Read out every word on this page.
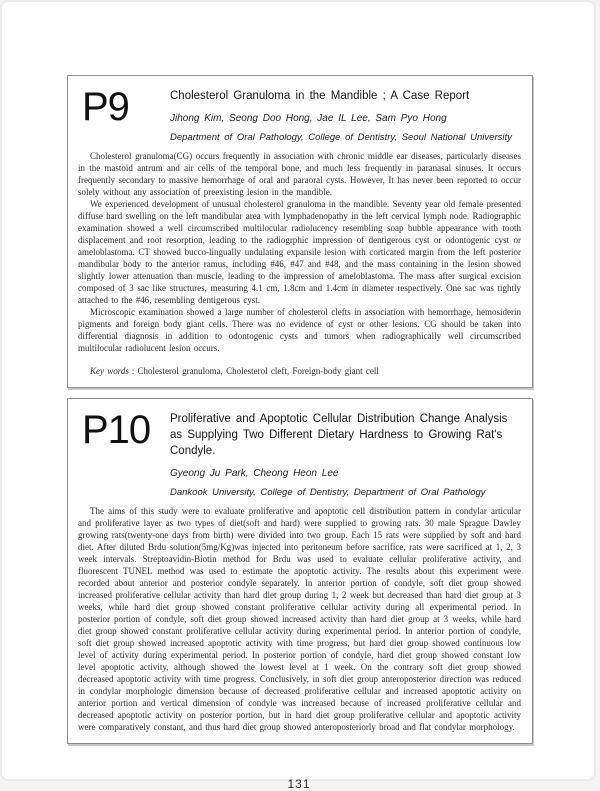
P9	Cholesterol Granuloma in the Mandible ; A Case Report
Jihong Kim, Seong Doo Hong, Jae IL Lee, Sam Pyo Hong
Department of Oral Pathology, College of Dentistry, Seoul National University

Cholesterol granuloma(CG) occurs frequently in association with chronic middle ear diseases, particularly diseases in the mastoid antrum and air cells of the temporal bone, and much less frequently in paranasal sinuses. It occurs frequently secondary to massive hemorrhage of oral and paraoral cysts. However, It has never been reported to occur solely without any association of preexisting lesion in the mandible.

We experienced development of unusual cholesterol granuloma in the mandible. Seventy year old female presented diffuse hard swelling on the left mandibular area with lymphadenopathy in the left cervical lymph node. Radiographic examination showed a well circumscribed multilocular radiolucency resembling soap bubble appearance with tooth displacement and root resorption, leading to the radiogrphic impression of dentigerous cyst or odontogenic cyst or ameloblastoma. CT showed bucco-lingually undulating expansile lesion with corticated margin from the left posterior mandibular body to the anterior ramus, including #46, #47 and #48, and the mass containing in the lesion showed slightly lower attenuation than muscle, leading to the impression of ameloblastoma. The mass after surgical excision composed of 3 sac like structures, measuring 4.1 cm, 1.8cm and 1.4cm in diameter respectively. One sac was tightly attached to the #46, resembling dentigerous cyst.

Microscopic examination showed a large number of cholesterol clefts in association with hemorrhage, hemosiderin pigments and foreign body giant cells. There was no evidence of cyst or other lesions. CG should be taken into differential diagnosis in addition to odontogenic cysts and tumors when radiographically well circumscribed multilocular radiolucent lesion occurs.

Key words : Cholesterol granuloma, Cholesterol cleft, Foreign-body giant cell

P10	Proliferative and Apoptotic Cellular Distribution Change Analysis as Supplying Two Different Dietary Hardness to Growing Rat's Condyle.
Gyeong Ju Park, Cheong Heon Lee
Dankook University, College of Dentistry, Department of Oral Pathology

The aims of this study were to evaluate proliferative and apoptotic cell distribution pattern in condylar articular and proliferative layer as two types of diet(soft and hard) were supplied to growing rats. 30 male Sprague Dawley growing rats(twenty-one days from birth) were divided into two group. Each 15 rats were supplied by soft and hard diet. After diluted Brdu solution(5mg/Kg)was injected into peritoneum before sacrifice, rats were sacrificed at 1, 2, 3 week intervals. Streptoavidin-Biotin method for Brdu was used to evaluate cellular proliferative activity, and fluorescent TUNEL method was used to estimate the apoptotic activity. The results about this experiment were recorded about anterior and posterior condyle separately. In anterior portion of condyle, soft diet group showed increased proliferative cellular activity than hard diet group during 1, 2 week but decreased than hard diet group at 3 weeks, while hard diet group showed constant proliferative cellular activity during all experimental period. In posterior portion of condyle, soft diet group showed increased activity than hard diet group at 3 weeks, while hard diet group showed constant proliferative cellular activity during experimental period. In anterior portion of condyle, soft diet group showed increased apoptotic activity with time progress, but hard diet group showed continuous low level of activity during experimental period. In posterior portion of condyle, hard diet group showed constant low level apoptotic activity, although showed the lowest level at 1 week. On the contrary soft diet group showed decreased apoptotic activity with time progress. Conclusively, in soft diet group anteroposterior direction was reduced in condylar morphologic dimension because of decreased proliferative cellular and increased apoptotic activity on anterior portion and vertical dimension of condyle was increased because of increased proliferative cellular and decreased apoptotic activity on posterior portion, but in hard diet group proliferative cellular and apoptotic activity were comparatively constant, and thus hard diet group showed anteroposteriorly broad and flat condylar morphology.

131
